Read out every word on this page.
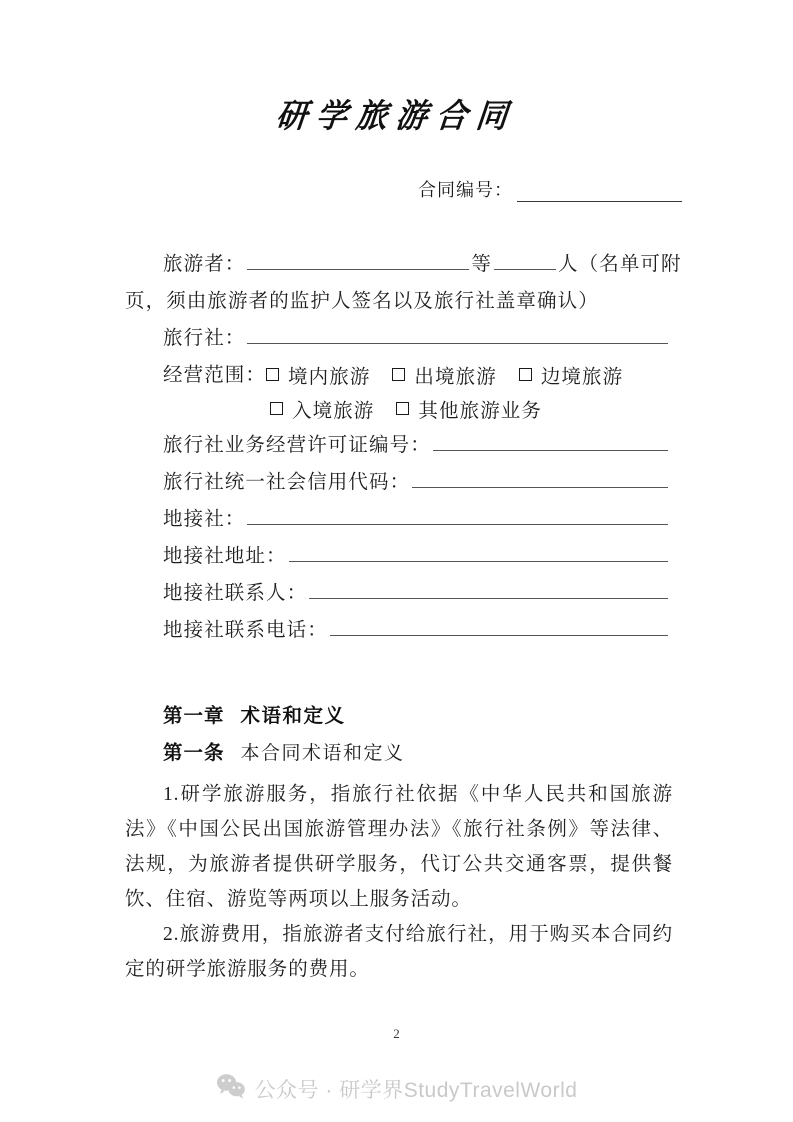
研学旅游合同
合同编号：
旅游者：	等	人（名单可附
页，须由旅游者的监护人签名以及旅行社盖章确认）
旅行社：
经营范围： 境内旅游 出境旅游 边境旅游
入境旅游 其他旅游业务
旅行社业务经营许可证编号：
旅行社统一社会信用代码：
地接社：
地接社地址：
地接社联系人：
地接社联系电话：
第一章 术语和定义
第一条 本合同术语和定义

1.研学旅游服务，指旅行社依据《中华人民共和国旅游法》《中国公民出国旅游管理办法》《旅行社条例》等法律、法规，为旅游者提供研学服务，代订公共交通客票，提供餐饮、住宿、游览等两项以上服务活动。

2.旅游费用，指旅游者支付给旅行社，用于购买本合同约定的研学旅游服务的费用。

2
公众号 · 研学界StudyTravelWorld
